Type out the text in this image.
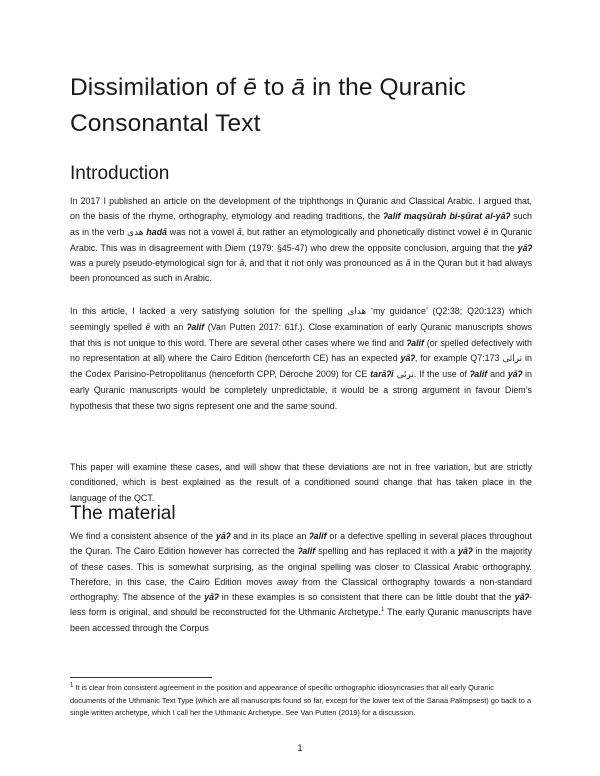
Dissimilation of ē to ā in the Quranic
Consonantal Text
Introduction

In 2017 I published an article on the development of the triphthongs in Quranic and Classical Arabic. I argued that, on the basis of the rhyme, orthography, etymology and reading traditions, the ʔalif maqṣūrah bi-ṣūrat al-yāʔ such as in the verb هدى hadā was not a vowel ā, but rather an etymologically and phonetically distinct vowel ē in Quranic Arabic. This was in disagreement with Diem (1979: §45-47) who drew the opposite conclusion, arguing that the yāʔ was a purely pseudo-etymological sign for ā, and that it not only was pronounced as ā in the Quran but it had always been pronounced as such in Arabic.

In this article, I lacked a very satisfying solution for the spelling هداى ‘my guidance’ (Q2:38; Q20:123) which seemingly spelled ē with an ʔalif (Van Putten 2017: 61f.). Close examination of early Quranic manuscripts shows that this is not unique to this word. There are several other cases where we find and ʔalif (or spelled defectively with no representation at all) where the Cairo Edition (henceforth CE) has an expected yāʔ, for example Q7:173 ترائى in the Codex Parisino-Petropolitanus (henceforth CPP, Déroche 2009) for CE tarāʔī ترىٔى. If the use of ʔalif and yāʔ in early Quranic manuscripts would be completely unpredictable, it would be a strong argument in favour Diem’s hypothesis that these two signs represent one and the same sound.

This paper will examine these cases, and will show that these deviations are not in free variation, but are strictly conditioned, which is best explained as the result of a conditioned sound change that has taken place in the language of the QCT.

The material

We find a consistent absence of the yāʔ and in its place an ʔalif or a defective spelling in several places throughout the Quran. The Cairo Edition however has corrected the ʔalif spelling and has replaced it with a yāʔ in the majority of these cases. This is somewhat surprising, as the original spelling was closer to Classical Arabic orthography. Therefore, in this case, the Cairo Edition moves away from the Classical orthography towards a non-standard orthography. The absence of the yāʔ in these examples is so consistent that there can be little doubt that the yāʔ-less form is original, and should be reconstructed for the Uthmanic Archetype.$^1$ The early Quranic manuscripts have been accessed through the Corpus

$^1$ It is clear from consistent agreement in the position and appearance of specific orthographic idiosyncrasies that all early Quranic documents of the Uthmanic Text Type (which are all manuscripts found so far, except for the lower text of the Sanaa Palimpsest) go back to a single written archetype, which I call her the Uthmanic Archetype. See Van Putten (2019) for a discussion.

1
